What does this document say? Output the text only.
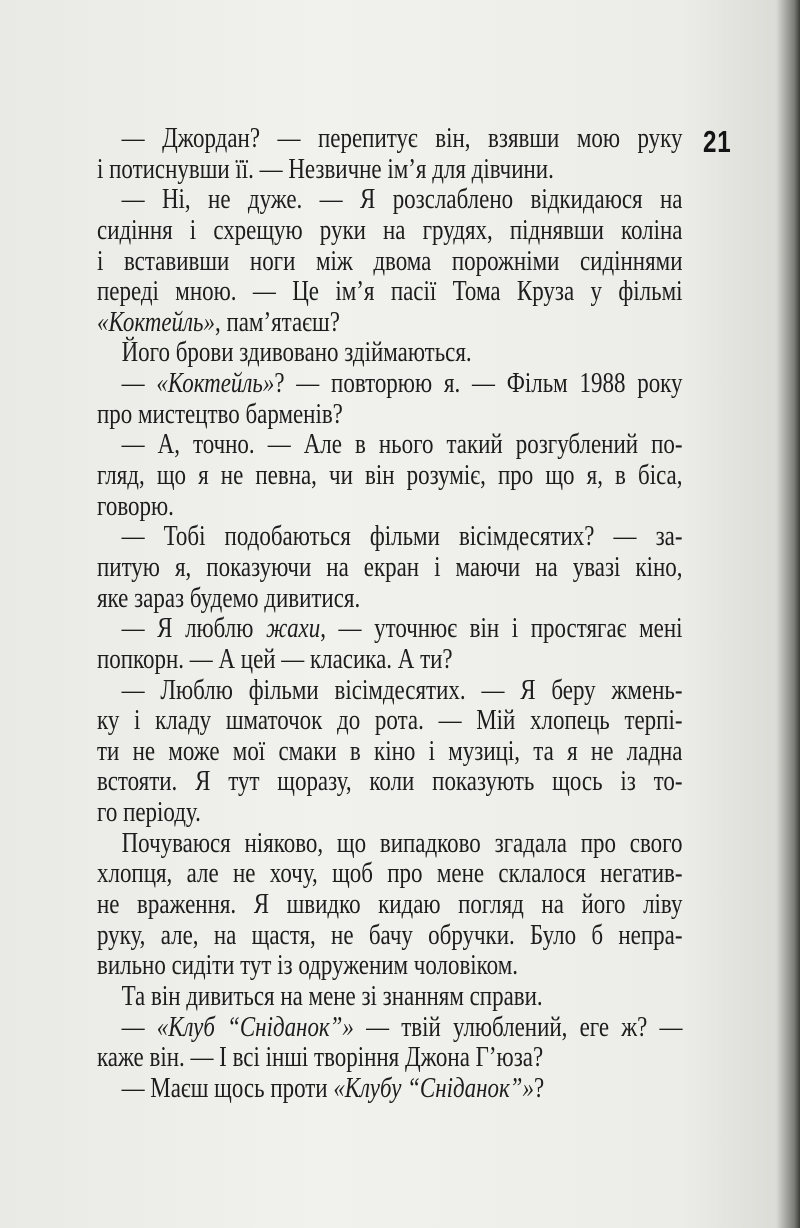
21
— Джордан? — перепитує він, взявши мою руку
і потиснувши її. — Незвичне ім’я для дівчини.
— Ні, не дуже. — Я розслаблено відкидаюся на
сидіння і схрещую руки на грудях, піднявши коліна
і вставивши ноги між двома порожніми сидіннями
переді мною. — Це ім’я пасії Тома Круза у фільмі
«Коктейль», пам’ятаєш?
Його брови здивовано здіймаються.
— «Коктейль»? — повторюю я. — Фільм 1988 року
про мистецтво барменів?
— А, точно. — Але в нього такий розгублений по-
гляд, що я не певна, чи він розуміє, про що я, в біса,
говорю.
— Тобі подобаються фільми вісімдесятих? — за-
питую я, показуючи на екран і маючи на увазі кіно,
яке зараз будемо дивитися.
— Я люблю жахи, — уточнює він і простягає мені
попкорн. — А цей — класика. А ти?
— Люблю фільми вісімдесятих. — Я беру жмень-
ку і кладу шматочок до рота. — Мій хлопець терпі-
ти не може мої смаки в кіно і музиці, та я не ладна
встояти. Я тут щоразу, коли показують щось із то-
го періоду.
Почуваюся ніяково, що випадково згадала про свого
хлопця, але не хочу, щоб про мене склалося негатив-
не враження. Я швидко кидаю погляд на його ліву
руку, але, на щастя, не бачу обручки. Було б непра-
вильно сидіти тут із одруженим чоловіком.
Та він дивиться на мене зі знанням справи.
— «Клуб “Сніданок”» — твій улюблений, еге ж? —
каже він. — І всі інші творіння Джона Г’юза?
— Маєш щось проти «Клубу “Сніданок”»?
